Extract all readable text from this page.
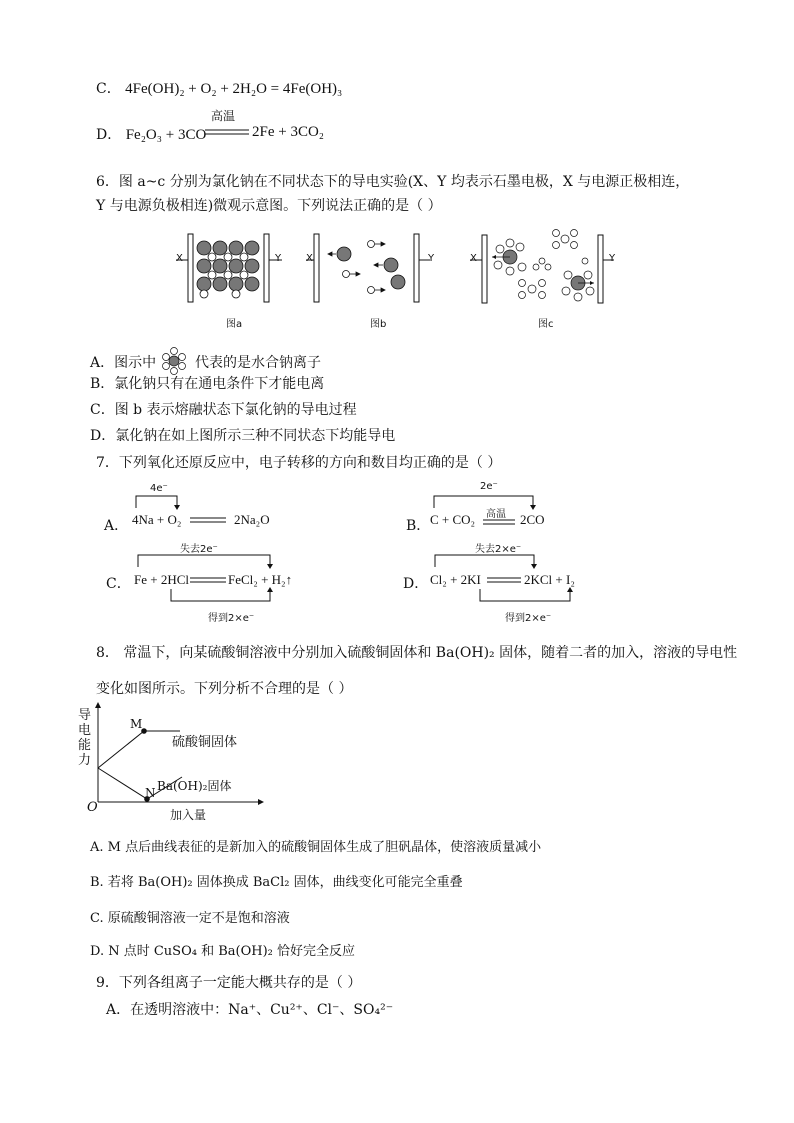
C． 4Fe(OH)₂ + O₂ + 2H₂O = 4Fe(OH)₃
D． Fe₂O₃ + 3CO
高温
2Fe + 3CO₂
6．图 a~c 分别为氯化钠在不同状态下的导电实验(X、Y 均表示石墨电极，X 与电源正极相连，
Y 与电源负极相连)微观示意图。下列说法正确的是（ ）
X	Y
图a
X	Y
图b
X	Y
图c
A．图示中	代表的是水合钠离子
B．氯化钠只有在通电条件下才能电离
C．图 b 表示熔融状态下氯化钠的导电过程
D．氯化钠在如上图所示三种不同状态下均能导电
7．下列氧化还原反应中，电子转移的方向和数目均正确的是（ ）
A．
4e⁻
4Na + O₂	2Na₂O	B．
2e⁻
C + CO₂ 高温 2CO
C．
失去2e⁻
Fe + 2HCl	FeCl₂ + H₂↑
得到2×e⁻
D．
失去2×e⁻
Cl₂ + 2KI	2KCl + I₂
得到2×e⁻
8． 常温下，向某硫酸铜溶液中分别加入硫酸铜固体和 Ba(OH)₂ 固体，随着二者的加入，溶液的导电性
变化如图所示。下列分析不合理的是（ ）
导
电
能
力
O
M
N
硫酸铜固体
Ba(OH)₂固体
加入量
A. M 点后曲线表征的是新加入的硫酸铜固体生成了胆矾晶体，使溶液质量减小
B. 若将 Ba(OH)₂ 固体换成 BaCl₂ 固体，曲线变化可能完全重叠
C. 原硫酸铜溶液一定不是饱和溶液
D. N 点时 CuSO₄ 和 Ba(OH)₂ 恰好完全反应
9．下列各组离子一定能大概共存的是（ ）
A．在透明溶液中：Na⁺、Cu²⁺、Cl⁻、SO₄²⁻
